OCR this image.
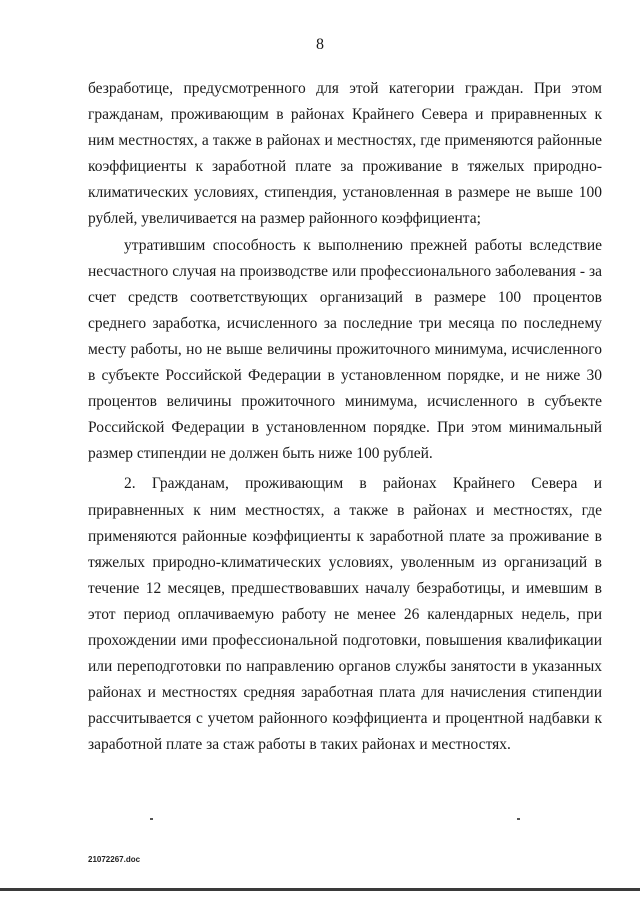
8

безработице, предусмотренного для этой категории граждан. При этом гражданам, проживающим в районах Крайнего Севера и приравненных к ним местностях, а также в районах и местностях, где применяются районные коэффициенты к заработной плате за проживание в тяжелых природно-климатических условиях, стипендия, установленная в размере не выше 100 рублей, увеличивается на размер районного коэффициента;

утратившим способность к выполнению прежней работы вследствие несчастного случая на производстве или профессионального заболевания - за счет средств соответствующих организаций в размере 100 процентов среднего заработка, исчисленного за последние три месяца по последнему месту работы, но не выше величины прожиточного минимума, исчисленного в субъекте Российской Федерации в установленном порядке, и не ниже 30 процентов величины прожиточного минимума, исчисленного в субъекте Российской Федерации в установленном порядке. При этом минимальный размер стипендии не должен быть ниже 100 рублей.

2. Гражданам, проживающим в районах Крайнего Севера и приравненных к ним местностях, а также в районах и местностях, где применяются районные коэффициенты к заработной плате за проживание в тяжелых природно-климатических условиях, уволенным из организаций в течение 12 месяцев, предшествовавших началу безработицы, и имевшим в этот период оплачиваемую работу не менее 26 календарных недель, при прохождении ими профессиональной подготовки, повышения квалификации или переподготовки по направлению органов службы занятости в указанных районах и местностях средняя заработная плата для начисления стипендии рассчитывается с учетом районного коэффициента и процентной надбавки к заработной плате за стаж работы в таких районах и местностях.

21072267.doc
